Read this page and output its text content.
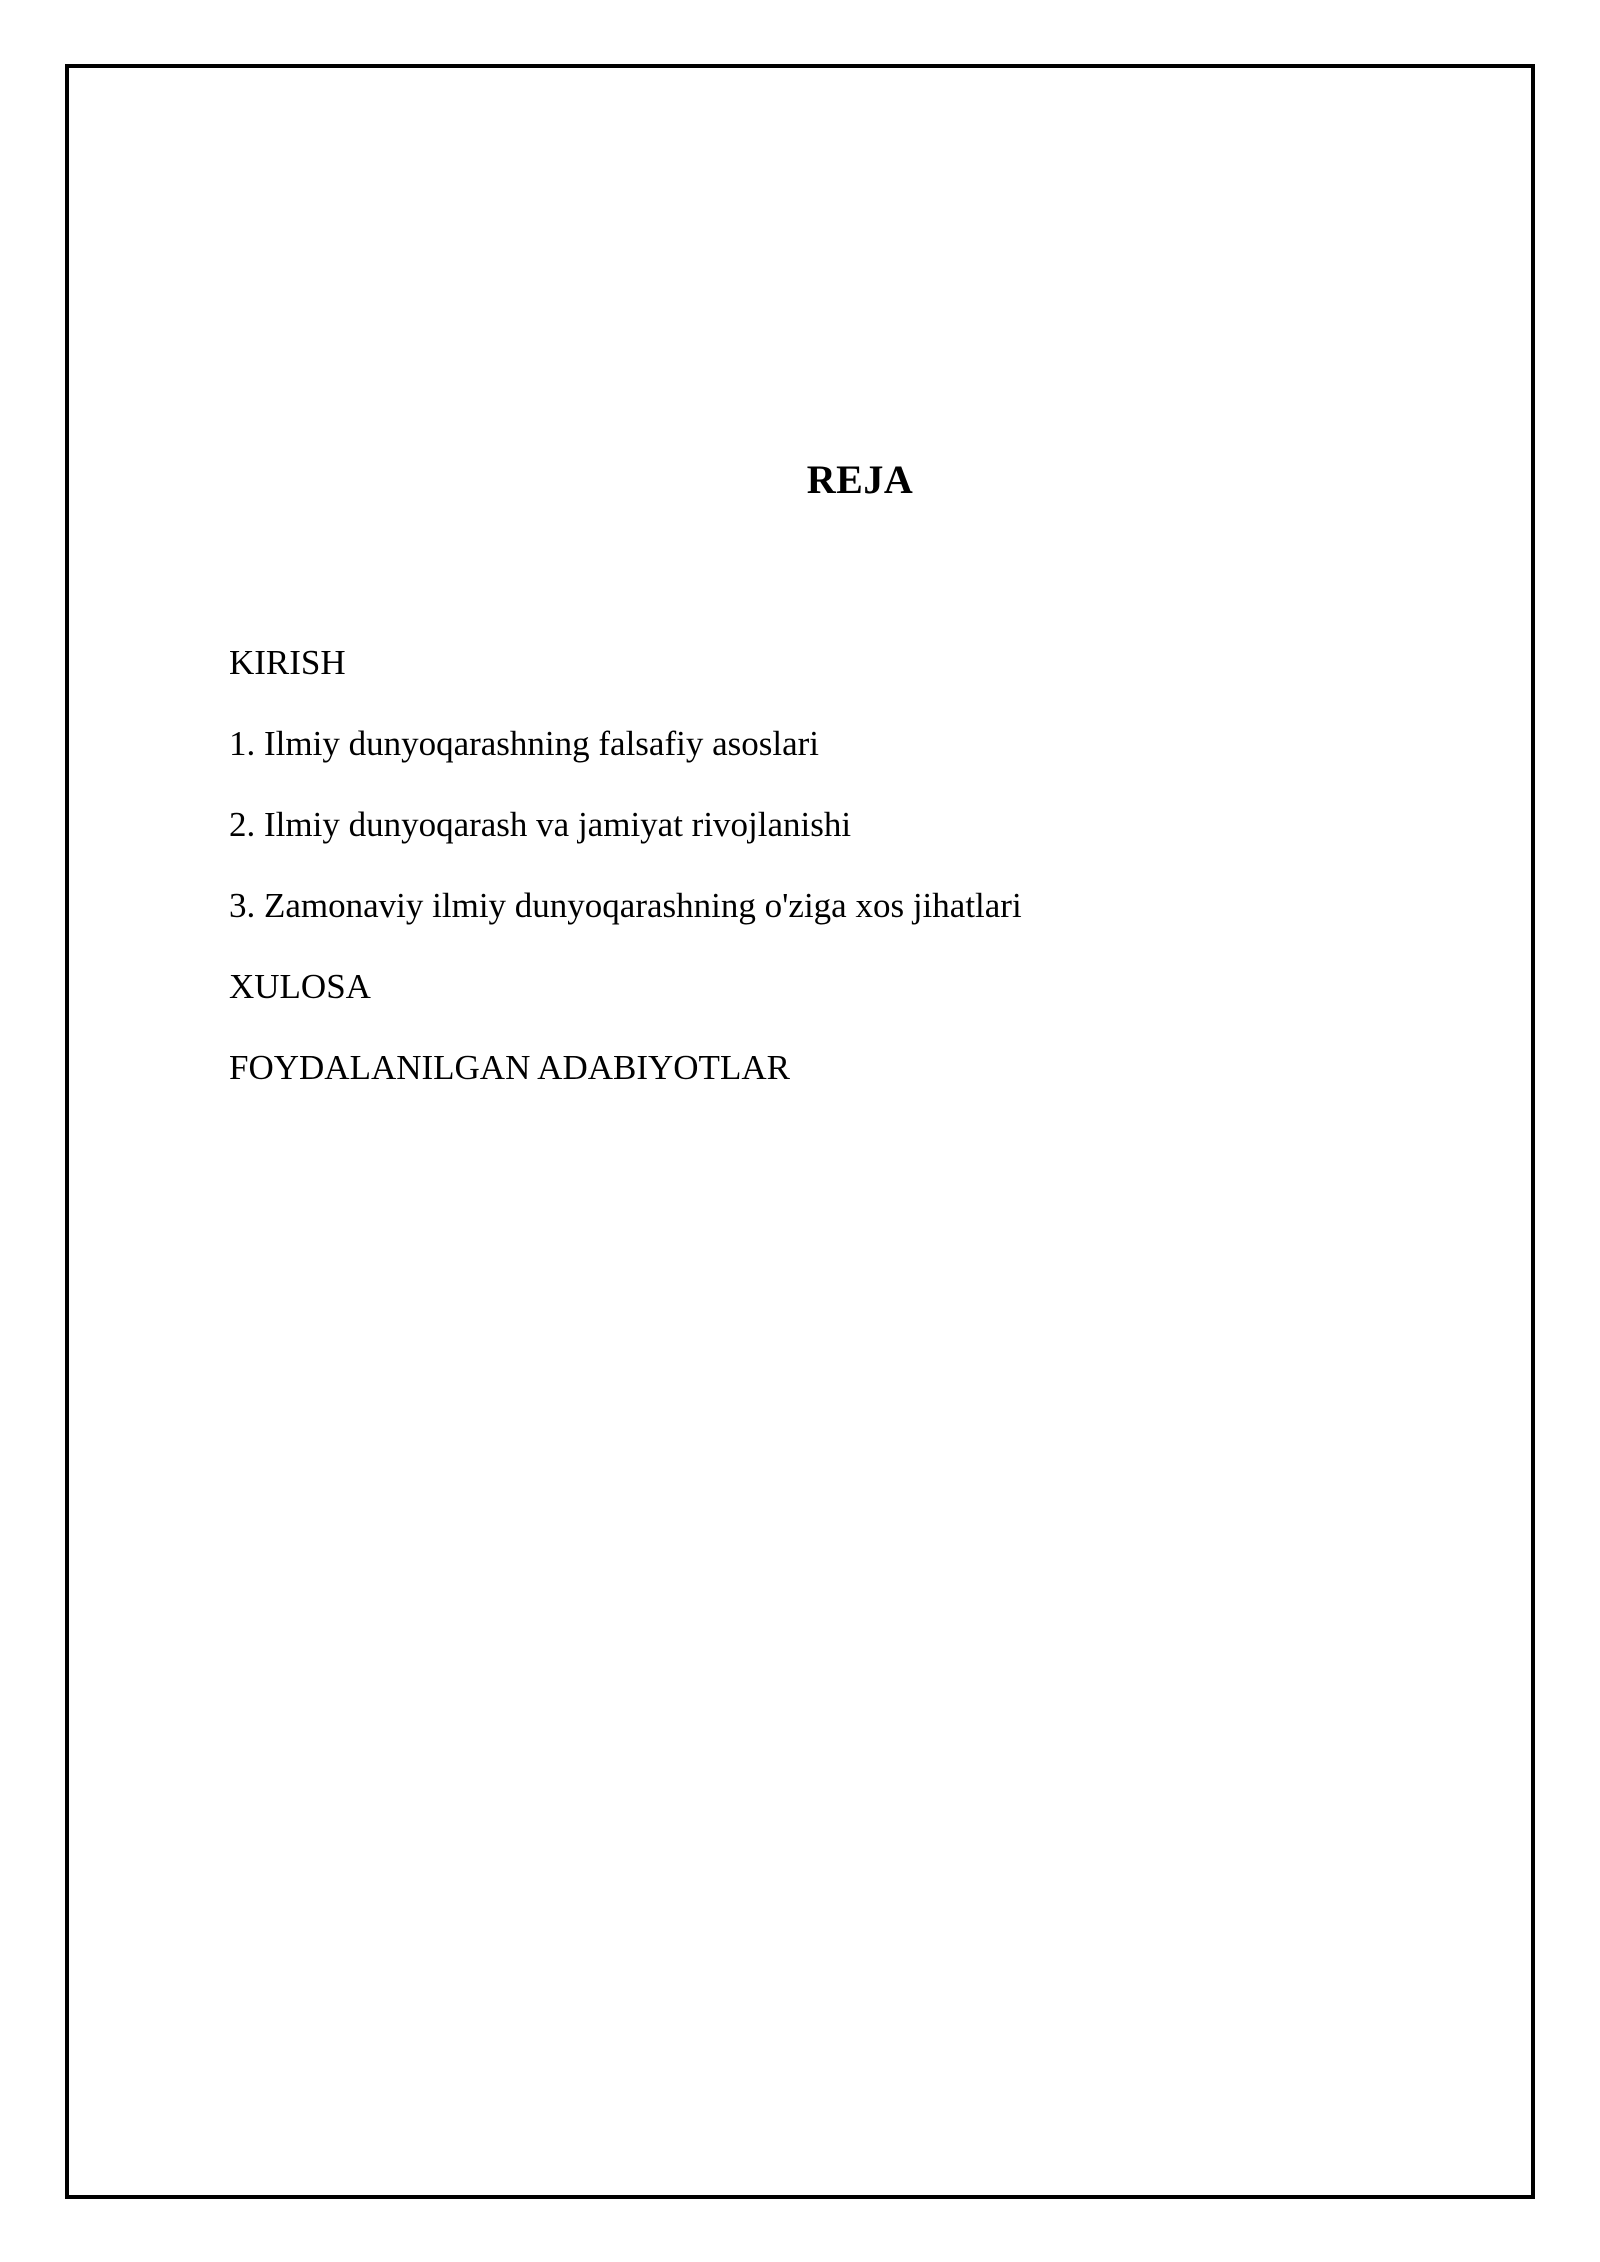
REJA
KIRISH
1. Ilmiy dunyoqarashning falsafiy asoslari
2. Ilmiy dunyoqarash va jamiyat rivojlanishi
3. Zamonaviy ilmiy dunyoqarashning o'ziga xos jihatlari
XULOSA
FOYDALANILGAN ADABIYOTLAR
